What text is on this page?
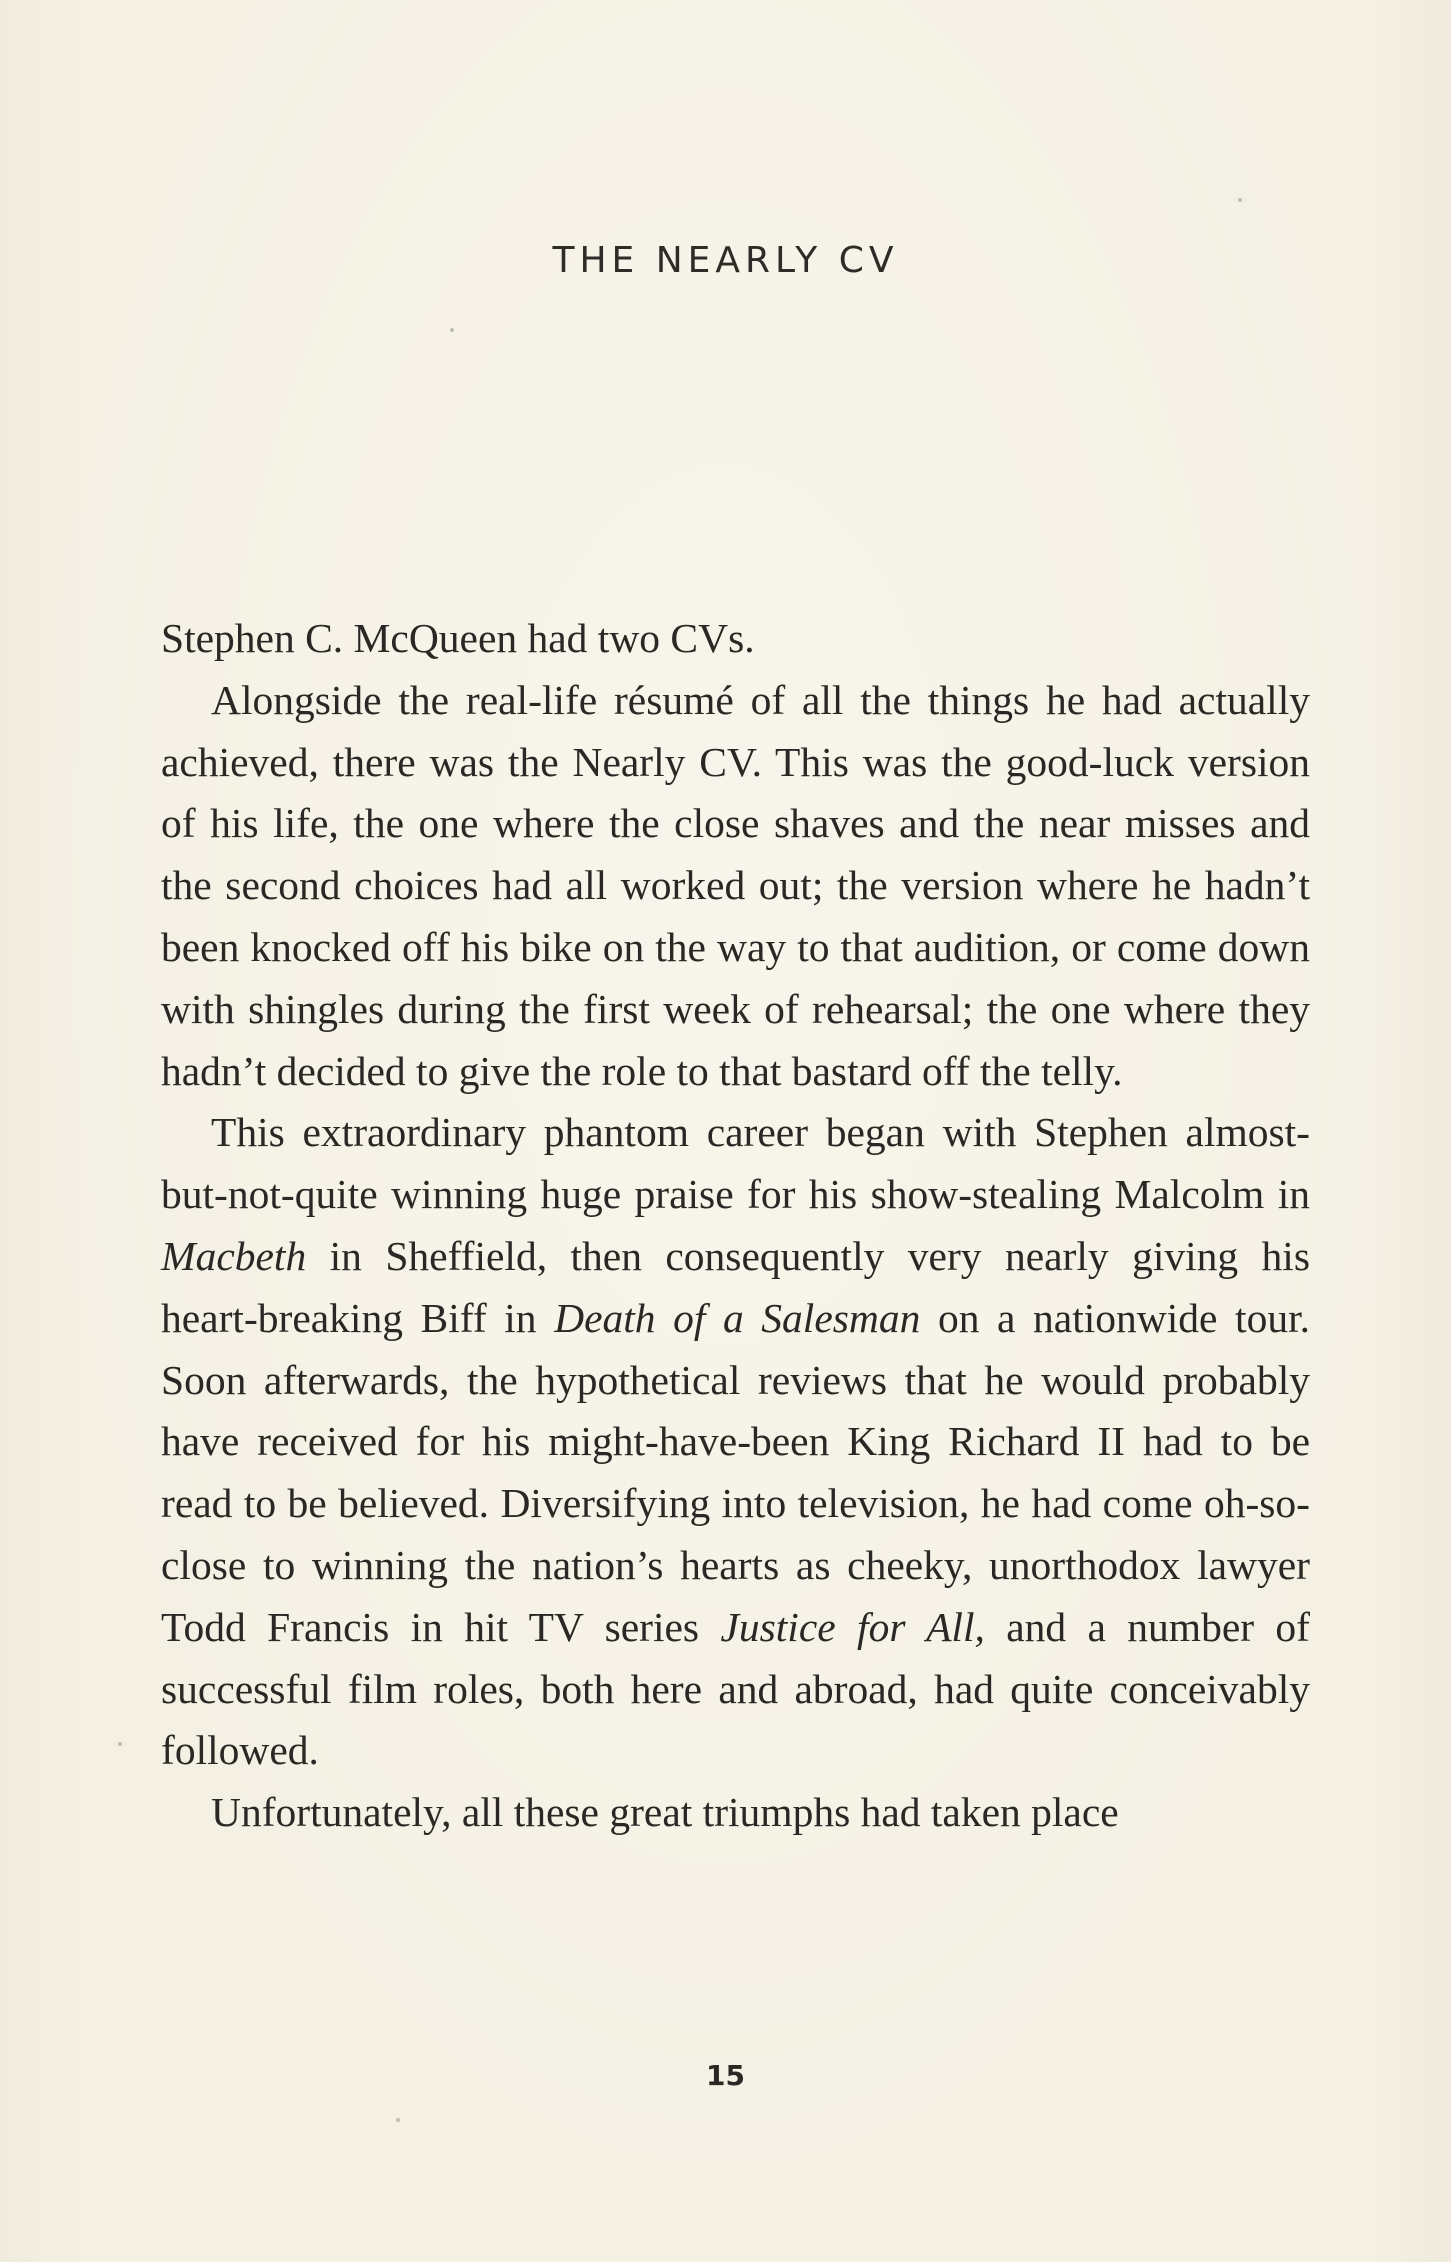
THE NEARLY CV

Stephen C. McQueen had two CVs.

Alongside the real-life résumé of all the things he had actually achieved, there was the Nearly CV. This was the good-luck version of his life, the one where the close shaves and the near misses and the second choices had all worked out; the version where he hadn’t been knocked off his bike on the way to that audition, or come down with shingles during the first week of rehearsal; the one where they hadn’t decided to give the role to that bastard off the telly.

This extraordinary phantom career began with Stephen almost-but-not-quite winning huge praise for his show-stealing Malcolm in Macbeth in Sheffield, then consequently very nearly giving his heart-breaking Biff in Death of a Salesman on a nationwide tour. Soon afterwards, the hypothetical reviews that he would probably have received for his might-have-been King Richard II had to be read to be believed. Diversifying into television, he had come oh-so-close to winning the nation’s hearts as cheeky, unorthodox lawyer Todd Francis in hit TV series Justice for All, and a number of successful film roles, both here and abroad, had quite conceivably followed.

Unfortunately, all these great triumphs had taken place

15
